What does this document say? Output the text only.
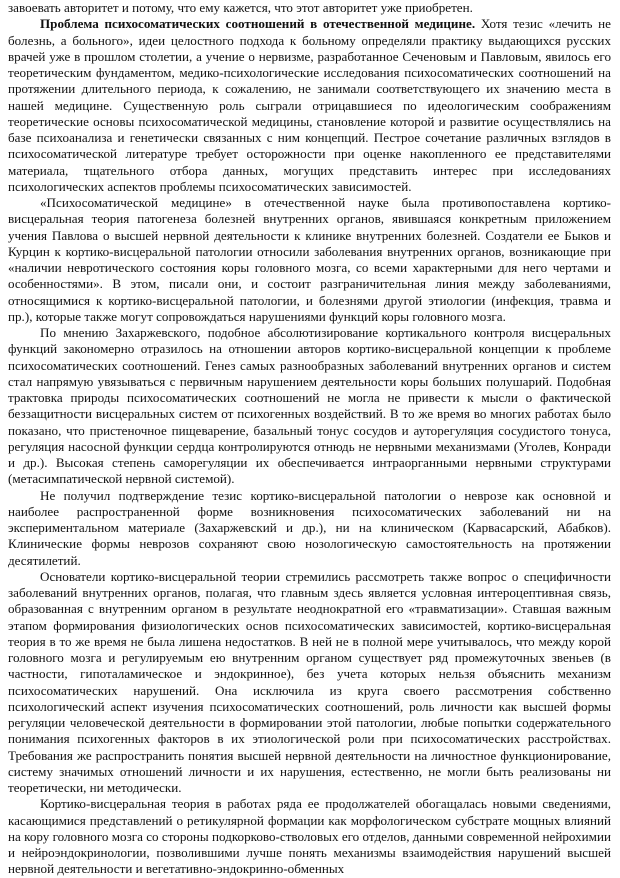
завоевать авторитет и потому, что ему кажется, что этот авторитет уже приобретен.

Проблема психосоматических соотношений в отечественной медицине. Хотя тезис «лечить не болезнь, а больного», идеи целостного подхода к больному определяли практику выдающихся русских врачей уже в прошлом столетии, а учение о нервизме, разработанное Сеченовым и Павловым, явилось его теоретическим фундаментом, медико-психологические исследования психосоматических соотношений на протяжении длительного периода, к сожалению, не занимали соответствующего их значению места в нашей медицине. Существенную роль сыграли отрицавшиеся по идеологическим соображениям теоретические основы психосоматической медицины, становление которой и развитие осуществлялись на базе психоанализа и генетически связанных с ним концепций. Пестрое сочетание различных взглядов в психосоматической литературе требует осторожности при оценке накопленного ее представителями материала, тщательного отбора данных, могущих представить интерес при исследованиях психологических аспектов проблемы психосоматических зависимостей.

«Психосоматической медицине» в отечественной науке была противопоставлена кортико-висцеральная теория патогенеза болезней внутренних органов, явившаяся конкретным приложением учения Павлова о высшей нервной деятельности к клинике внутренних болезней. Создатели ее Быков и Курцин к кортико-висцеральной патологии относили заболевания внутренних органов, возникающие при «наличии невротического состояния коры головного мозга, со всеми характерными для него чертами и особенностями». В этом, писали они, и состоит разграничительная линия между заболеваниями, относящимися к кортико-висцеральной патологии, и болезнями другой этиологии (инфекция, травма и пр.), которые также могут сопровождаться нарушениями функций коры головного мозга.

По мнению Захаржевского, подобное абсолютизирование кортикального контроля висцеральных функций закономерно отразилось на отношении авторов кортико-висцеральной концепции к проблеме психосоматических соотношений. Генез самых разнообразных заболеваний внутренних органов и систем стал напрямую увязываться с первичным нарушением деятельности коры больших полушарий. Подобная трактовка природы психосоматических соотношений не могла не привести к мысли о фактической беззащитности висцеральных систем от психогенных воздействий. В то же время во многих работах было показано, что пристеночное пищеварение, базальный тонус сосудов и ауторегуляция сосудистого тонуса, регуляция насосной функции сердца контролируются отнюдь не нервными механизмами (Уголев, Конради и др.). Высокая степень саморегуляции их обеспечивается интраорганными нервными структурами (метасимпатической нервной системой).

Не получил подтверждение тезис кортико-висцеральной патологии о неврозе как основной и наиболее распространенной форме возникновения психосоматических заболеваний ни на экспериментальном материале (Захаржевский и др.), ни на клиническом (Карвасарский, Абабков). Клинические формы неврозов сохраняют свою нозологическую самостоятельность на протяжении десятилетий.

Основатели кортико-висцеральной теории стремились рассмотреть также вопрос о специфичности заболеваний внутренних органов, полагая, что главным здесь является условная интероцептивная связь, образованная с внутренним органом в результате неоднократной его «травматизации». Ставшая важным этапом формирования физиологических основ психосоматических зависимостей, кортико-висцеральная теория в то же время не была лишена недостатков. В ней не в полной мере учитывалось, что между корой головного мозга и регулируемым ею внутренним органом существует ряд промежуточных звеньев (в частности, гипоталамическое и эндокринное), без учета которых нельзя объяснить механизм психосоматических нарушений. Она исключила из круга своего рассмотрения собственно психологический аспект изучения психосоматических соотношений, роль личности как высшей формы регуляции человеческой деятельности в формировании этой патологии, любые попытки содержательного понимания психогенных факторов в их этиологической роли при психосоматических расстройствах. Требования же распространить понятия высшей нервной деятельности на личностное функционирование, систему значимых отношений личности и их нарушения, естественно, не могли быть реализованы ни теоретически, ни методически.

Кортико-висцеральная теория в работах ряда ее продолжателей обогащалась новыми сведениями, касающимися представлений о ретикулярной формации как морфологическом субстрате мощных влияний на кору головного мозга со стороны подкорково-стволовых его отделов, данными современной нейрохимии и нейроэндокринологии, позволившими лучше понять механизмы взаимодействия нарушений высшей нервной деятельности и вегетативно-эндокринно-обменных
